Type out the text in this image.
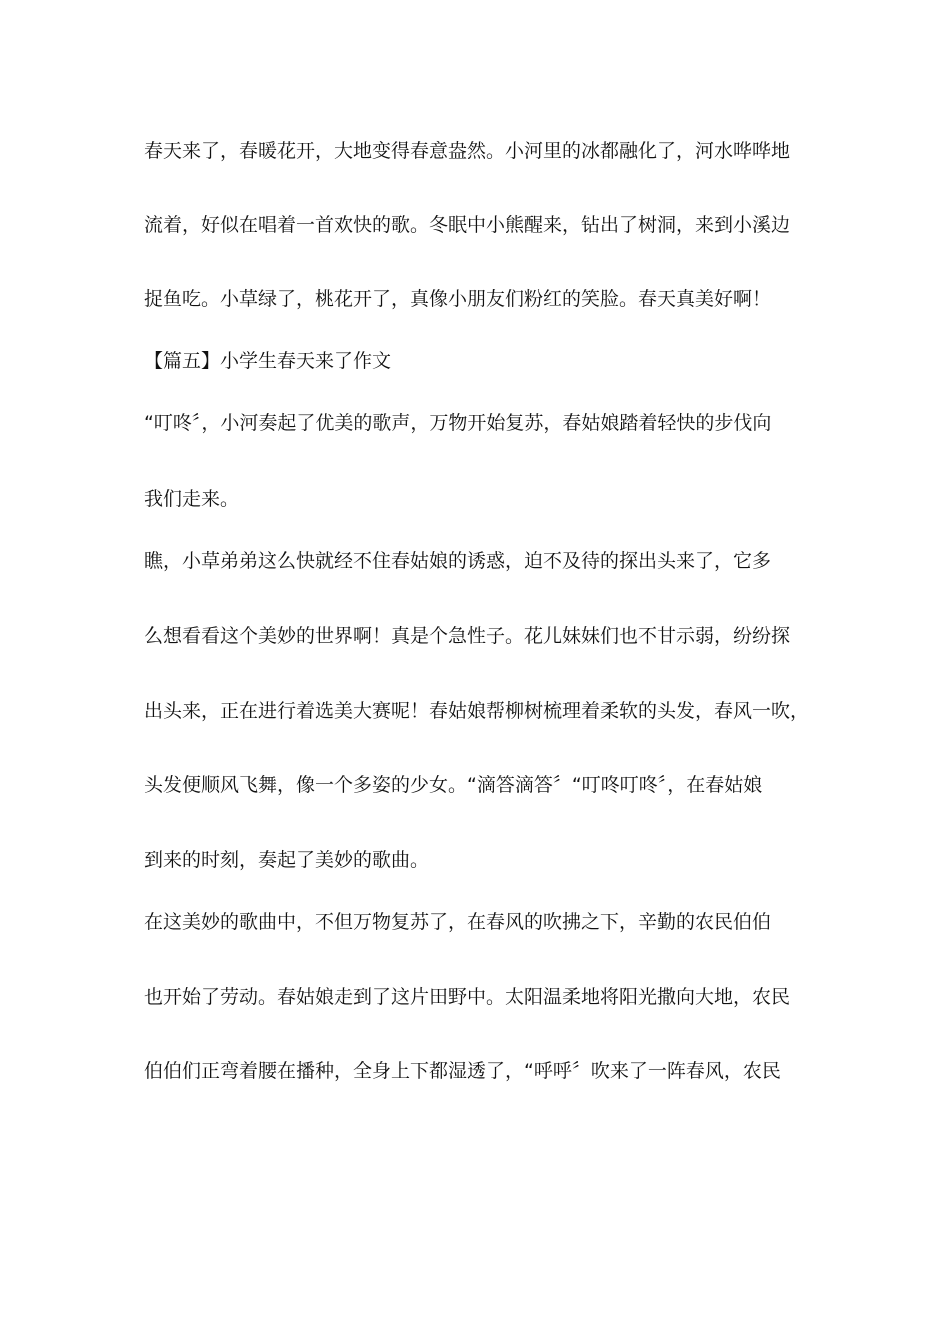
春天来了，春暖花开，大地变得春意盎然。小河里的冰都融化了，河水哗哗地
流着，好似在唱着一首欢快的歌。冬眠中小熊醒来，钻出了树洞，来到小溪边
捉鱼吃。小草绿了，桃花开了，真像小朋友们粉红的笑脸。春天真美好啊！
【篇五】小学生春天来了作文
“叮咚〞，小河奏起了优美的歌声，万物开始复苏，春姑娘踏着轻快的步伐向
我们走来。
瞧，小草弟弟这么快就经不住春姑娘的诱惑，迫不及待的探出头来了，它多
么想看看这个美妙的世界啊！真是个急性子。花儿妹妹们也不甘示弱，纷纷探
出头来，正在进行着选美大赛呢！春姑娘帮柳树梳理着柔软的头发，春风一吹，
头发便顺风飞舞，像一个多姿的少女。“滴答滴答〞“叮咚叮咚〞，在春姑娘
到来的时刻，奏起了美妙的歌曲。
在这美妙的歌曲中，不但万物复苏了，在春风的吹拂之下，辛勤的农民伯伯
也开始了劳动。春姑娘走到了这片田野中。太阳温柔地将阳光撒向大地，农民
伯伯们正弯着腰在播种，全身上下都湿透了，“呼呼〞吹来了一阵春风，农民
